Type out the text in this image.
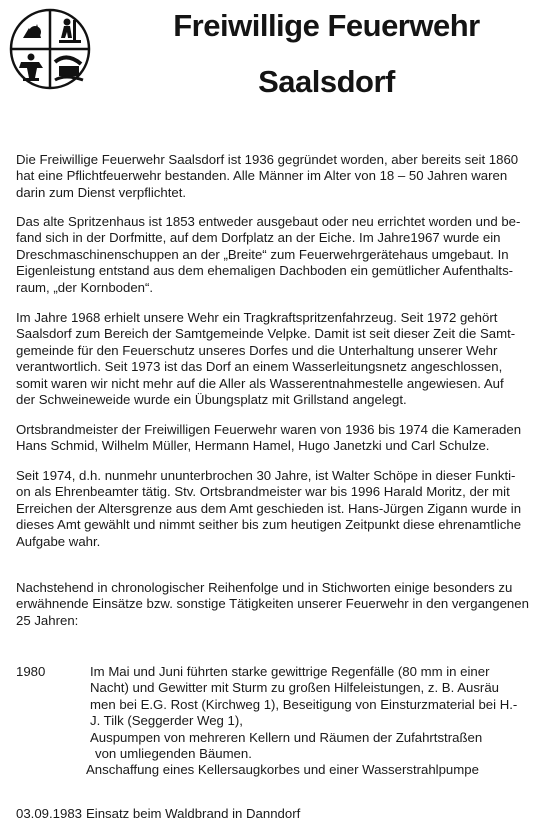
Freiwillige Feuerwehr
Saalsdorf
Die Freiwillige Feuerwehr Saalsdorf ist 1936 gegründet worden, aber bereits seit 1860
hat eine Pflichtfeuerwehr bestanden. Alle Männer im Alter von 18 – 50 Jahren waren
darin zum Dienst verpflichtet.
Das alte Spritzenhaus ist 1853 entweder ausgebaut oder neu errichtet worden und be-
fand sich in der Dorfmitte, auf dem Dorfplatz an der Eiche. Im Jahre1967 wurde ein
Dreschmaschinenschuppen an der „Breite“ zum Feuerwehrgerätehaus umgebaut. In
Eigenleistung entstand aus dem ehemaligen Dachboden ein gemütlicher Aufenthalts-
raum, „der Kornboden“.
Im Jahre 1968 erhielt unsere Wehr ein Tragkraftspritzenfahrzeug. Seit 1972 gehört
Saalsdorf zum Bereich der Samtgemeinde Velpke. Damit ist seit dieser Zeit die Samt-
gemeinde für den Feuerschutz unseres Dorfes und die Unterhaltung unserer Wehr
verantwortlich. Seit 1973 ist das Dorf an einem Wasserleitungsnetz angeschlossen,
somit waren wir nicht mehr auf die Aller als Wasserentnahmestelle angewiesen. Auf
der Schweineweide wurde ein Übungsplatz mit Grillstand angelegt.
Ortsbrandmeister der Freiwilligen Feuerwehr waren von 1936 bis 1974 die Kameraden
Hans Schmid, Wilhelm Müller, Hermann Hamel, Hugo Janetzki und Carl Schulze.
Seit 1974, d.h. nunmehr ununterbrochen 30 Jahre, ist Walter Schöpe in dieser Funkti-
on als Ehrenbeamter tätig. Stv. Ortsbrandmeister war bis 1996 Harald Moritz, der mit
Erreichen der Altersgrenze aus dem Amt geschieden ist. Hans-Jürgen Zigann wurde in
dieses Amt gewählt und nimmt seither bis zum heutigen Zeitpunkt diese ehrenamtliche
Aufgabe wahr.
Nachstehend in chronologischer Reihenfolge und in Stichworten einige besonders zu
erwähnende Einsätze bzw. sonstige Tätigkeiten unserer Feuerwehr in den vergangenen
25 Jahren:
1980	Im Mai und Juni führten starke gewittrige Regenfälle (80 mm in einer
Nacht) und Gewitter mit Sturm zu großen Hilfeleistungen, z. B. Ausräu
men bei E.G. Rost (Kirchweg 1), Beseitigung von Einsturzmaterial bei H.-
J. Tilk (Seggerder Weg 1),
Auspumpen von mehreren Kellern und Räumen der Zufahrtstraßen
von umliegenden Bäumen.
Anschaffung eines Kellersaugkorbes und einer Wasserstrahlpumpe
03.09.1983 Einsatz beim Waldbrand in Danndorf
